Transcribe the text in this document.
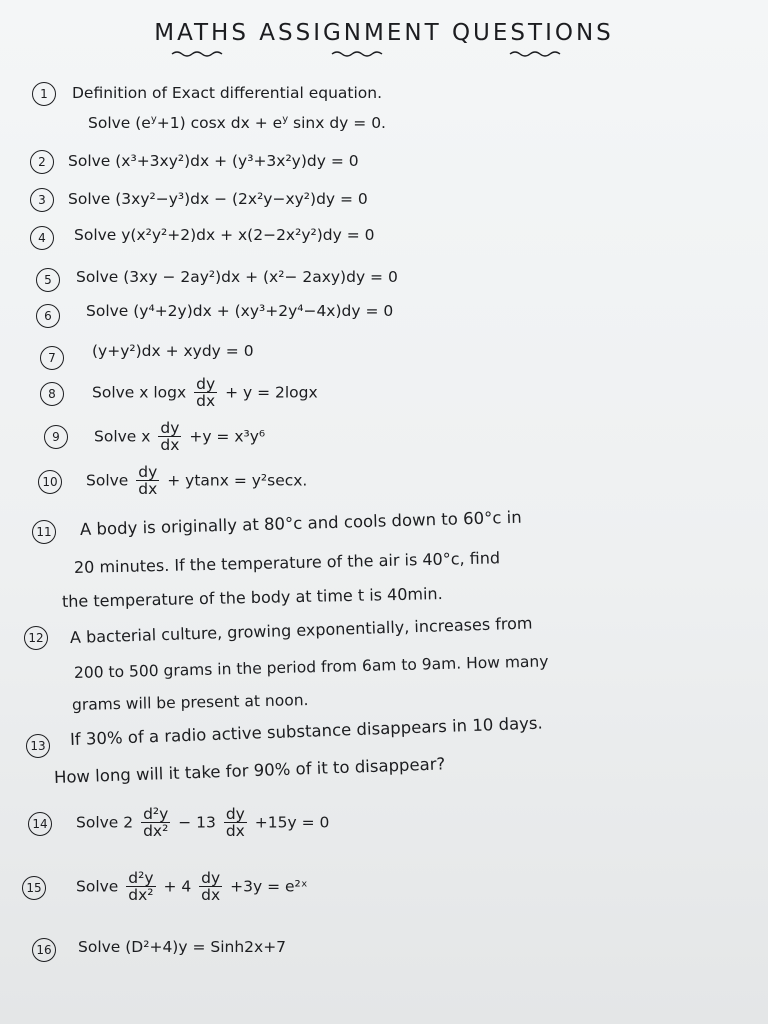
MATHS ASSIGNMENT QUESTIONS
1	Definition of Exact differential equation.
Solve $(e^y+1)$ cosx dx + $e^y$ sinx dy = 0.
2	Solve (x³+3xy²)dx + (y³+3x²y)dy = 0
3	Solve (3xy²−y³)dx − (2x²y−xy²)dy = 0
4	Solve y(x²y²+2)dx + x(2−2x²y²)dy = 0
5	Solve (3xy − 2ay²)dx + (x²− 2axy)dy = 0
6	Solve (y⁴+2y)dx + (xy³+2y⁴−4x)dy = 0
7	(y+y²)dx + xydy = 0
8	Solve x logx $\frac{dy}{dx} + y = 2\log x$
9	Solve x $\frac{dy}{dx} +y = x^3y^6$
10 Solve $\frac{dy}{dx} + ytanx = y^2\sec x$.
11 A body is originally at 80°c and cools down to 60°c in
20 minutes. If the temperature of the air is 40°c, find
the temperature of the body at time t is 40min.
12 A bacterial culture, growing exponentially, increases from
200 to 500 grams in the period from 6am to 9am. How many
grams will be present at noon.
13 If 30% of a radio active substance disappears in 10 days.
How long will it take for 90% of it to disappear?
14 Solve $2 \frac{\text{d²y}}{\text{dx²}} - 13 \frac{dy}{dx} +15y = 0$
15 Solve $\frac{\text{d²y}}{\text{dx²}} + 4 \frac{dy}{dx} +3y$ = e²ˣ
16 Solve (D²+4)y = Sinh2x+7
